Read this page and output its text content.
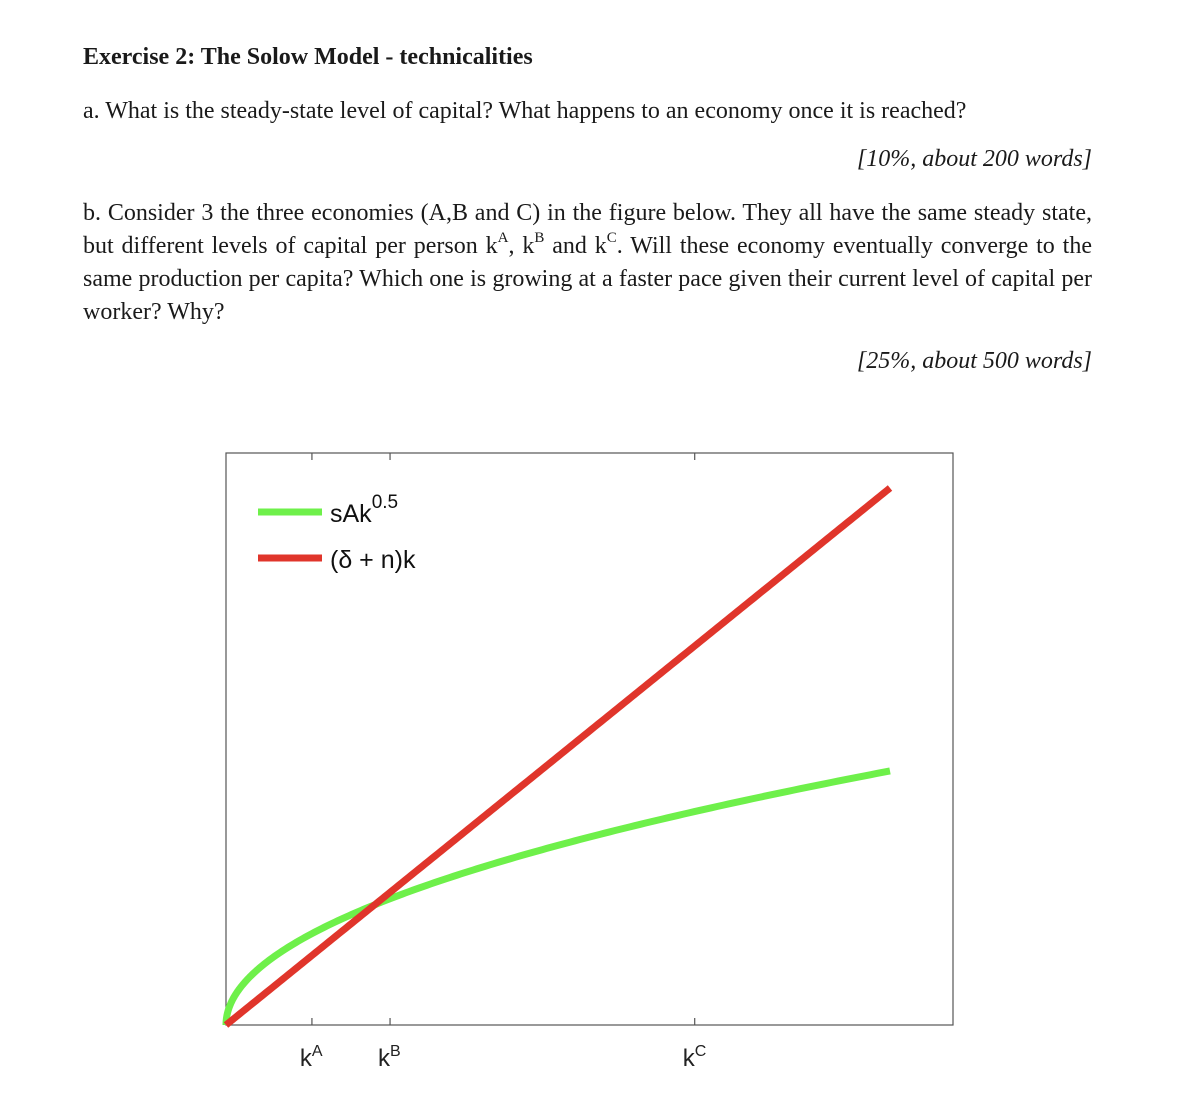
Exercise 2: The Solow Model - technicalities

a. What is the steady-state level of capital? What happens to an economy once it is reached?

[10%, about 200 words]

b. Consider 3 the three economies (A,B and C) in the figure below. They all have the same steady state, but different levels of capital per person $k^A$, $k^B$ and $k^C$. Will these economy eventually converge to the same production per capita? Which one is growing at a faster pace given their current level of capital per worker? Why?

[25%, about 500 words]

sAk$^{0.5}$
(δ + n)k
$k^A$ $k^B$	$k^C$
